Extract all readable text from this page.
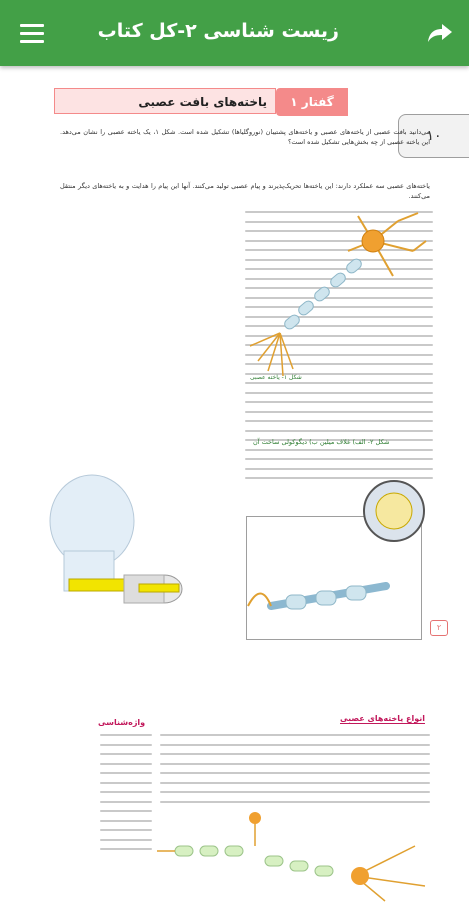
زیست شناسی ۲-کل کتاب
۱۰
گفتار ۱
یاخته‌های بافت عصبی
می‌دانید بافت عصبی از یاخته‌های عصبی و یاخته‌های پشتیبان (نوروگلیاها) تشکیل شده است. شکل ۱، یک یاخته عصبی را نشان می‌دهد. این یاخته عصبی از چه بخش‌هایی تشکیل شده است؟
یاخته‌های عصبی سه عملکرد دارند: این یاخته‌ها تحریک‌پذیرند و پیام عصبی تولید می‌کنند. آنها این پیام را هدایت و به یاخته‌های دیگر منتقل می‌کنند.
شکل ۱- یاخته عصبی
شکل ۲- الف) غلاف میلین ب) دیگوکولی ساخت آن
۲
واژه‌شناسی	انواع یاخته‌های عصبی
